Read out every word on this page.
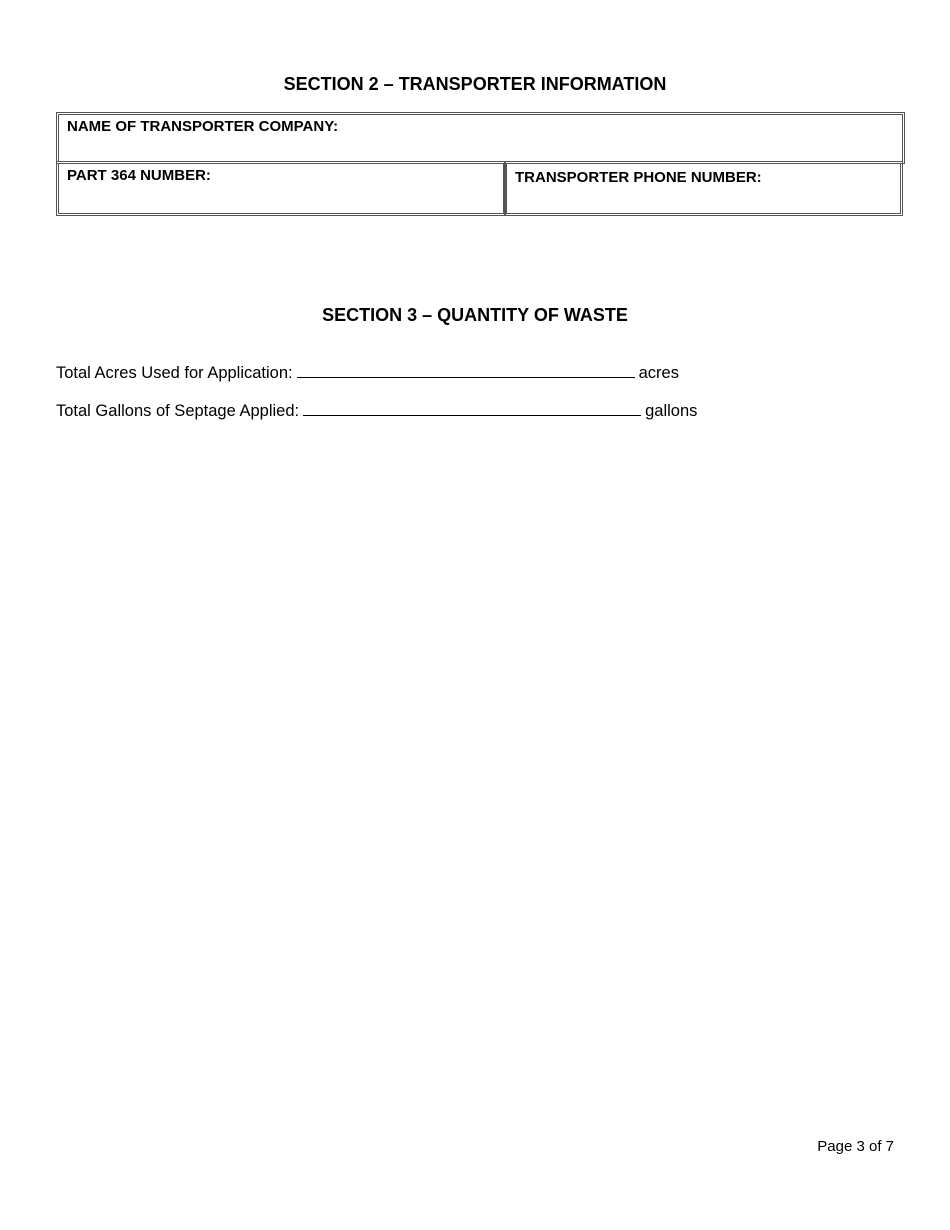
SECTION 2 – TRANSPORTER INFORMATION
NAME OF TRANSPORTER COMPANY:
PART 364 NUMBER:	TRANSPORTER PHONE NUMBER:
SECTION 3 – QUANTITY OF WASTE
Total Acres Used for Application:	acres
Total Gallons of Septage Applied:	gallons
Page 3 of 7
